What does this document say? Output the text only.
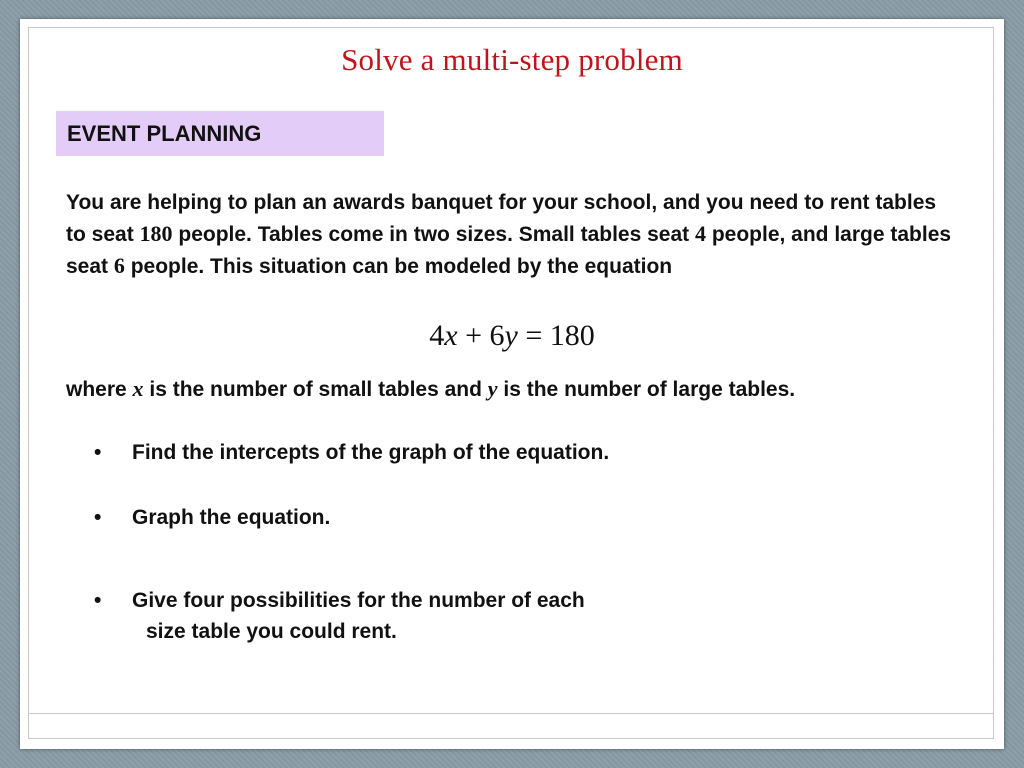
Solve a multi-step problem
EVENT PLANNING
You are helping to plan an awards banquet for your school, and you need to rent tables to seat 180 people. Tables come in two sizes. Small tables seat 4 people, and large tables seat 6 people. This situation can be modeled by the equation
4x + 6y = 180
where x is the number of small tables and y is the number of large tables.
• Find the intercepts of the graph of the equation.
• Graph the equation.
• Give four possibilities for the number of each
size table you could rent.
